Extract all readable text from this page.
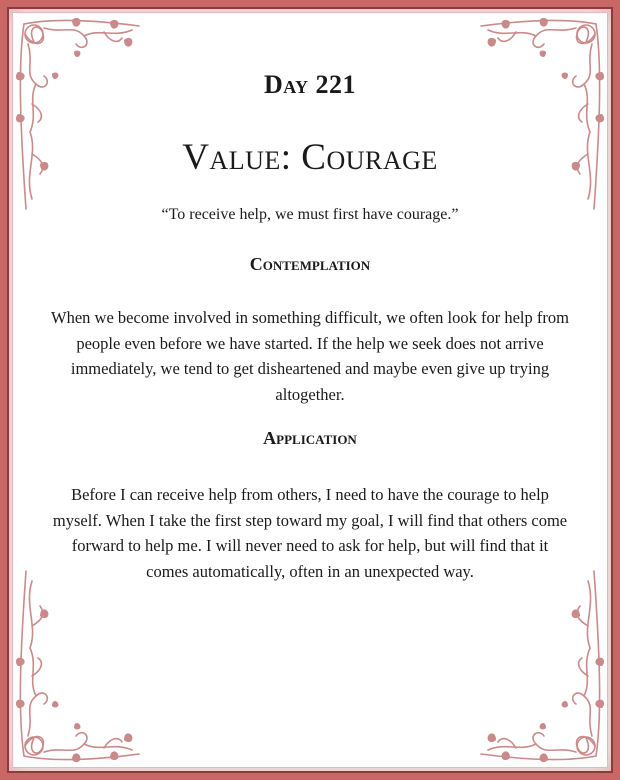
Day 221
Value: Courage

“To receive help, we must first have courage.”

Contemplation

When we become involved in something difficult, we often look for help from people even before we have started. If the help we seek does not arrive immediately, we tend to get disheartened and maybe even give up trying altogether.

Application

Before I can receive help from others, I need to have the courage to help myself. When I take the first step toward my goal, I will find that others come forward to help me. I will never need to ask for help, but will find that it comes automatically, often in an unexpected way.
